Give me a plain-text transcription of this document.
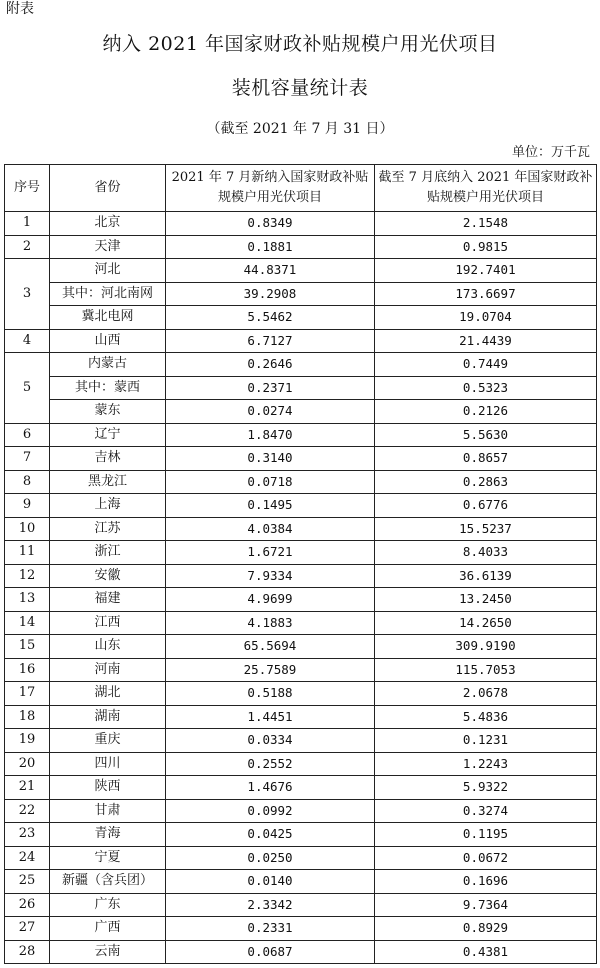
附表
纳入 2021 年国家财政补贴规模户用光伏项目
装机容量统计表
（截至 2021 年 7 月 31 日）
单位：万千瓦
序号	省份	2021 年 7 月新纳入国家财政补贴规模户用光伏项目	截至 7 月底纳入 2021 年国家财政补贴规模户用光伏项目
1	北京	0.8349	2.1548
2	天津	0.1881	0.9815
3	河北	44.8371	192.7401
	其中：河北南网	39.2908	173.6697
	冀北电网	5.5462	19.0704
4	山西	6.7127	21.4439
5	内蒙古	0.2646	0.7449
	其中：蒙西	0.2371	0.5323
	蒙东	0.0274	0.2126
6	辽宁	1.8470	5.5630
7	吉林	0.3140	0.8657
8	黑龙江	0.0718	0.2863
9	上海	0.1495	0.6776
10	江苏	4.0384	15.5237
11	浙江	1.6721	8.4033
12	安徽	7.9334	36.6139
13	福建	4.9699	13.2450
14	江西	4.1883	14.2650
15	山东	65.5694	309.9190
16	河南	25.7589	115.7053
17	湖北	0.5188	2.0678
18	湖南	1.4451	5.4836
19	重庆	0.0334	0.1231
20	四川	0.2552	1.2243
21	陕西	1.4676	5.9322
22	甘肃	0.0992	0.3274
23	青海	0.0425	0.1195
24	宁夏	0.0250	0.0672
25	新疆（含兵团）	0.0140	0.1696
26	广东	2.3342	9.7364
27	广西	0.2331	0.8929
28	云南	0.0687	0.4381
